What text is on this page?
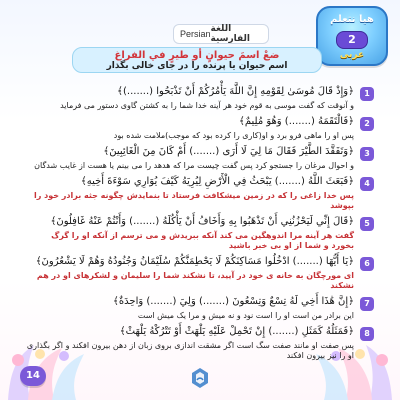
هيا نتعلم
2
عربی
Persian اللغة الفارسية
ضعْ اسمَ حيوانٍ أو طيرٍ في الفراغ
اسم حیوان یا پرنده را در جای خالی بگذار
1
﴿وَإِذْ قَالَ مُوسَىٰ لِقَوْمِهِ إِنَّ اللَّهَ يَأْمُرُكُمْ أَنْ تَذْبَحُوا (.......)﴾
و آنوقت که گفت موسی به قوم خود هر آینه خدا شما را به کشتن گاوی دستور می فرماید
2
﴿فَالْتَقَمَهُ (.......) وَهُوَ مُلِيمٌ﴾
پس او را ماهی فرو برد و او(کاری را کرده بود که موجب)ملامت شده بود
3
﴿وَتَفَقَّدَ الطَّيْرَ فَقَالَ مَا لِيَ لَا أَرَى (.......) أَمْ كَانَ مِنَ الْغَائِبِينَ﴾
و احوال مرغان را جستجو کرد پس گفت چیست مرا که هدهد را می بینم یا هست از غایب شدگان
4
﴿فَبَعَثَ اللَّهُ (.......) يَبْحَثُ فِي الْأَرْضِ لِيُرِيَهُ كَيْفَ يُوَارِي سَوْءَةَ أَخِيهِ﴾
پس خدا زاغی را که در زمین میشکافت فرستاد تا بنمایدش چگونه جثه برادر خود را بپوشد
5
﴿قَالَ إِنِّي لَيَحْزُنُنِي أَنْ تَذْهَبُوا بِهِ وَأَخَافُ أَنْ يَأْكُلَهُ (.......) وَأَنْتُمْ عَنْهُ غَافِلُونَ﴾
گفت هر آینه مرا اندوهگین می کند آنکه ببریدش و می ترسم از آنکه او را گرگ بخورد و شما از او بی خبر باشید
6
﴿يَا أَيُّهَا (.......) ادْخُلُوا مَسَاكِنَكُمْ لَا يَحْطِمَنَّكُمْ سُلَيْمَانُ وَجُنُودُهُ وَهُمْ لَا يَشْعُرُونَ﴾
ای مورچگان به خانه ی خود در آیید، تا نشکند شما را سلیمان و لشکرهای او در هم نشکند
7
﴿إِنَّ هَٰذَا أَخِي لَهُ تِسْعٌ وَتِسْعُونَ (.......) وَلِيَ (.......) وَاحِدَةٌ﴾
این برادر من است او را است نود و نه میش و مرا یک میش است
8
﴿فَمَثَلُهُ كَمَثَلِ (.......) إِنْ تَحْمِلْ عَلَيْهِ يَلْهَثْ أَوْ تَتْرُكْهُ يَلْهَثْ﴾
پس صفت او مانند صفت سگ است اگر مشقت اندازی بروی زبان از دهن بیرون افکند و اگر بگذاری او را نیز بیرون افکند
14
